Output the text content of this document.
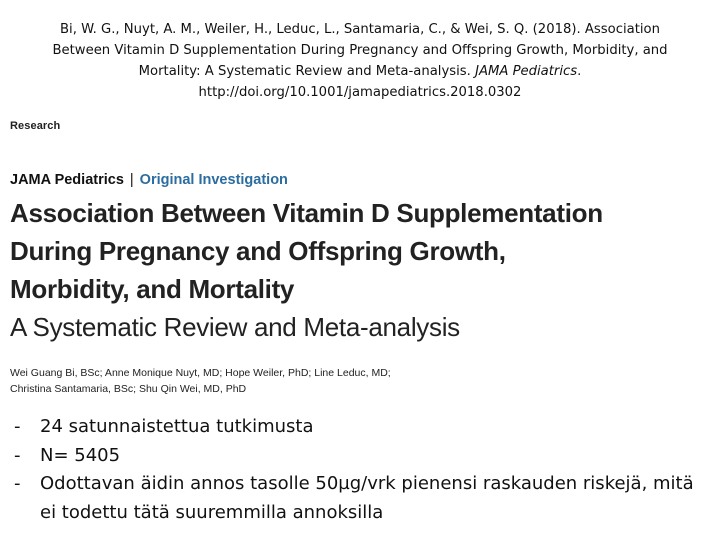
Bi, W. G., Nuyt, A. M., Weiler, H., Leduc, L., Santamaria, C., & Wei, S. Q. (2018). Association Between Vitamin D Supplementation During Pregnancy and Offspring Growth, Morbidity, and Mortality: A Systematic Review and Meta-analysis. JAMA Pediatrics. http://doi.org/10.1001/jamapediatrics.2018.0302
Research
JAMA Pediatrics | Original Investigation
Association Between Vitamin D Supplementation
During Pregnancy and Offspring Growth,
Morbidity, and Mortality
A Systematic Review and Meta-analysis
Wei Guang Bi, BSc; Anne Monique Nuyt, MD; Hope Weiler, PhD; Line Leduc, MD;
Christina Santamaria, BSc; Shu Qin Wei, MD, PhD
- 24 satunnaistettua tutkimusta
- N= 5405
- Odottavan äidin annos tasolle 50µg/vrk pienensi raskauden riskejä, mitä ei todettu tätä suuremmilla annoksilla
